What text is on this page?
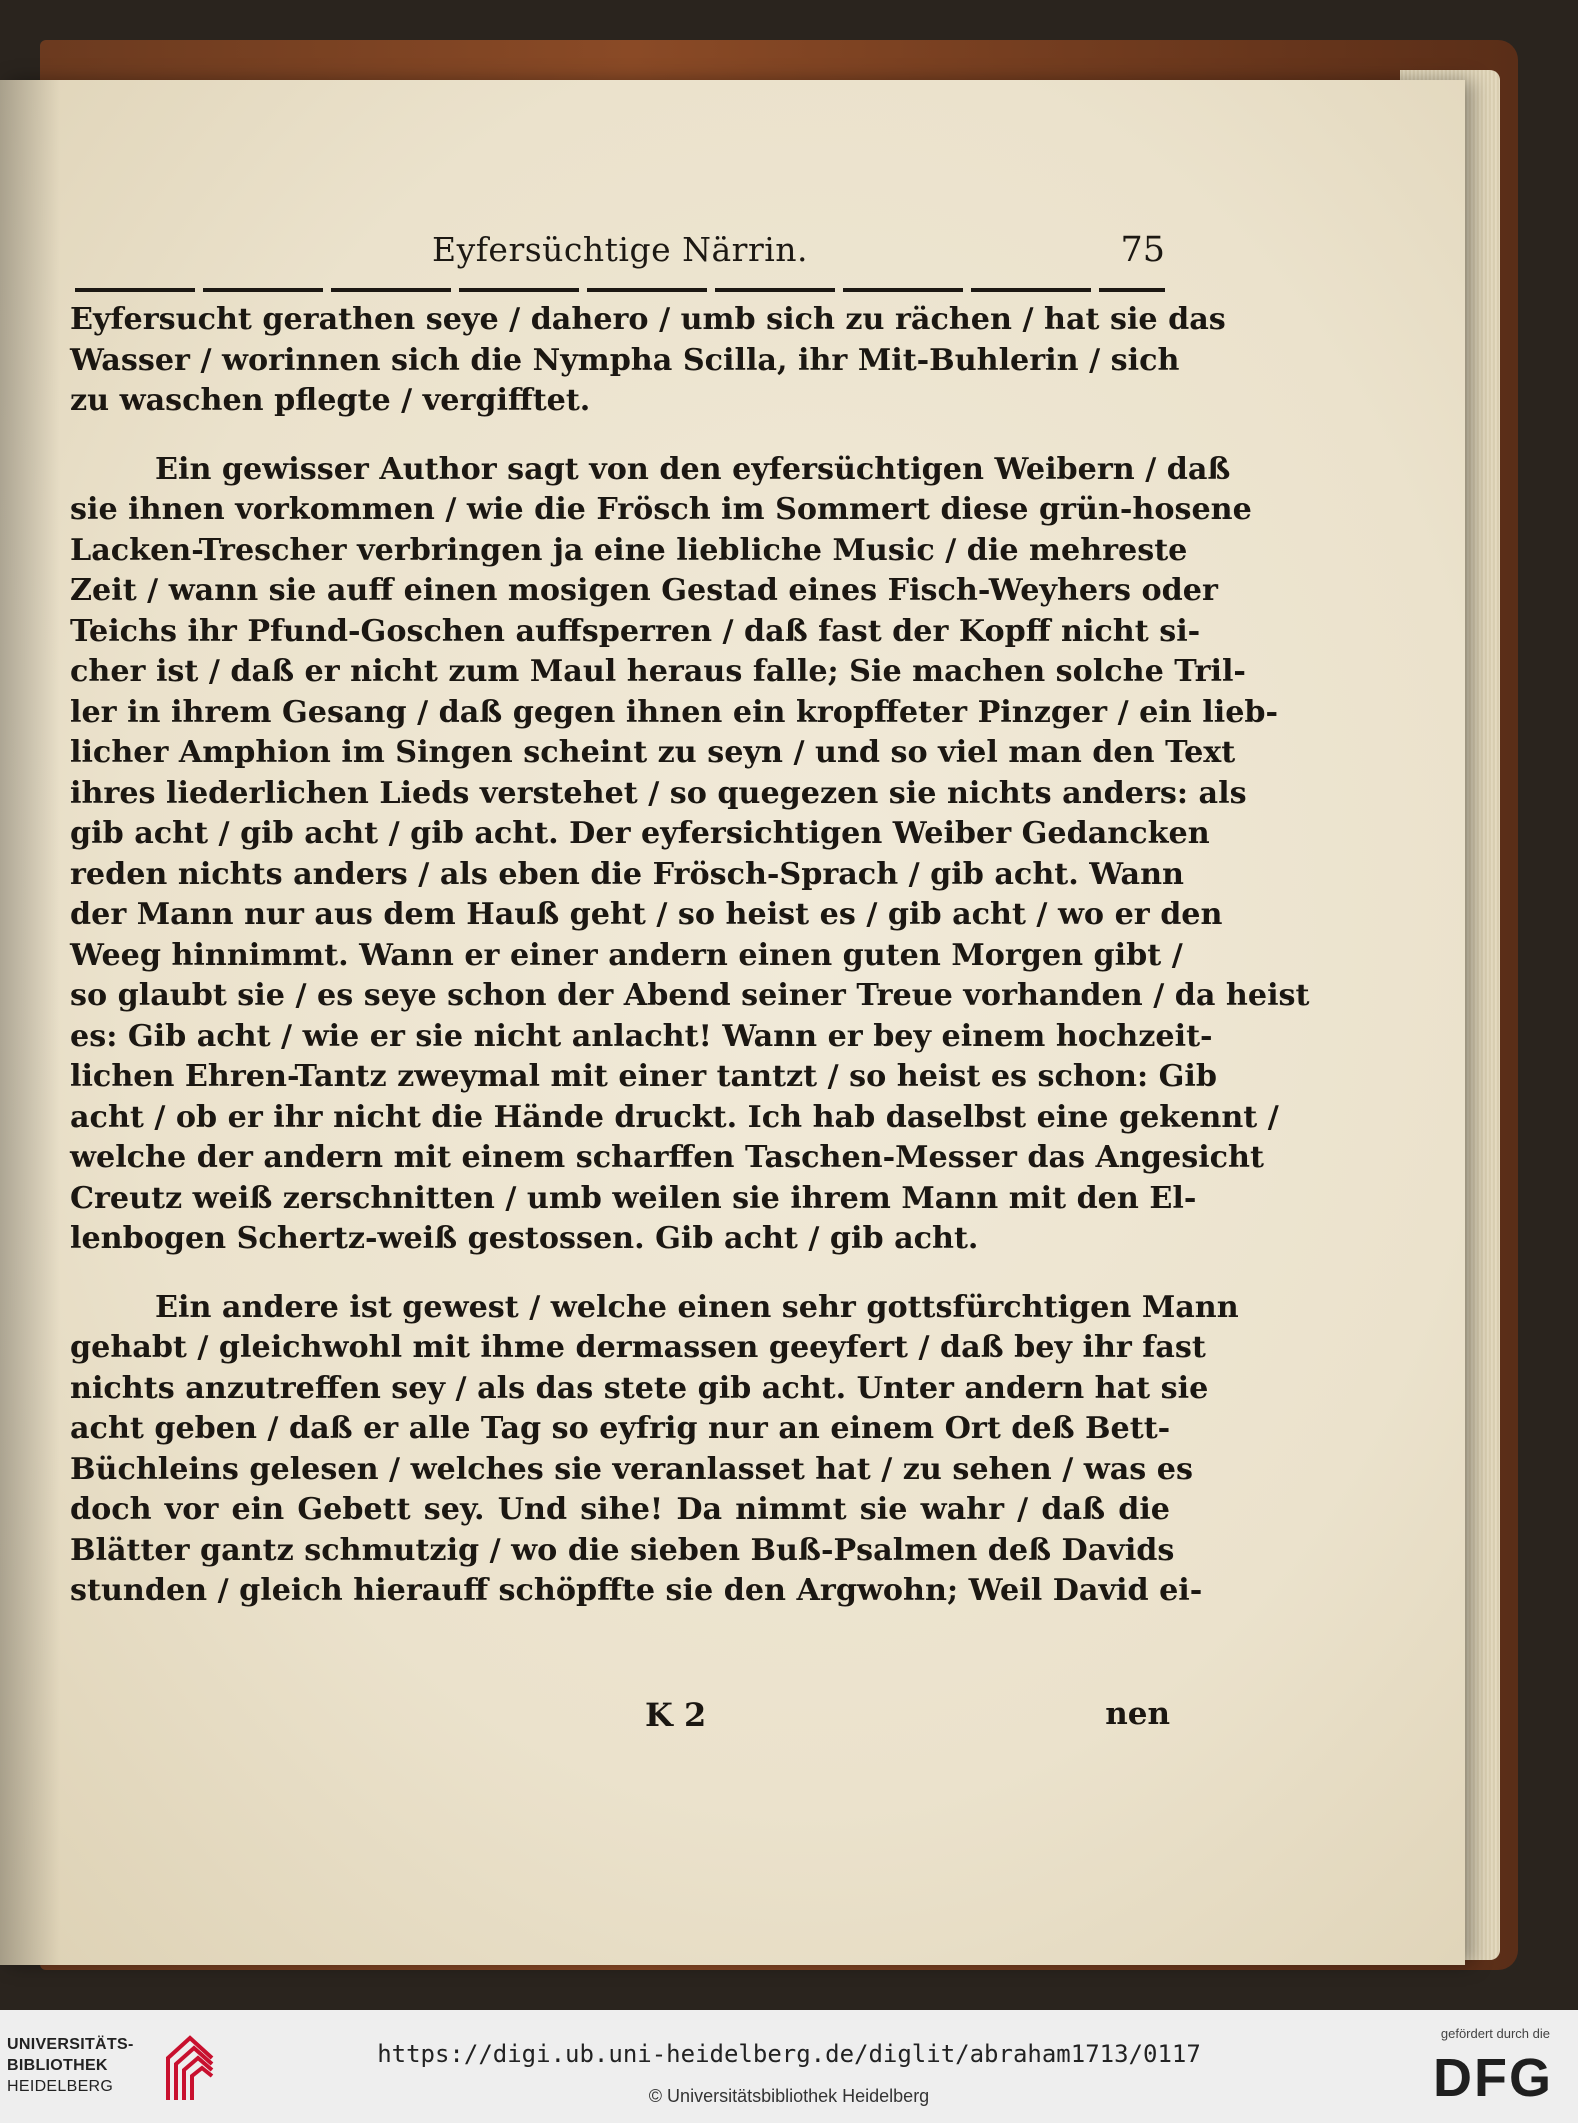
Eyfersüchtige Närrin.	75
Eyfersucht gerathen seye / dahero / umb sich zu rächen / hat sie das
Wasser / worinnen sich die Nympha Scilla, ihr Mit-Buhlerin / sich
zu waschen pflegte / vergifftet.
Ein gewisser Author sagt von den eyfersüchtigen Weibern / daß
sie ihnen vorkommen / wie die Frösch im Sommert diese grün-hosene
Lacken-Trescher verbringen ja eine liebliche Music / die mehreste
Zeit / wann sie auff einen mosigen Gestad eines Fisch-Weyhers oder
Teichs ihr Pfund-Goschen auffsperren / daß fast der Kopff nicht si-
cher ist / daß er nicht zum Maul heraus falle; Sie machen solche Tril-
ler in ihrem Gesang / daß gegen ihnen ein kropffeter Pinzger / ein lieb-
licher Amphion im Singen scheint zu seyn / und so viel man den Text
ihres liederlichen Lieds verstehet / so quegezen sie nichts anders: als
gib acht / gib acht / gib acht. Der eyfersichtigen Weiber Gedancken
reden nichts anders / als eben die Frösch-Sprach / gib acht. Wann
der Mann nur aus dem Hauß geht / so heist es / gib acht / wo er den
Weeg hinnimmt. Wann er einer andern einen guten Morgen gibt /
so glaubt sie / es seye schon der Abend seiner Treue vorhanden / da heist
es: Gib acht / wie er sie nicht anlacht! Wann er bey einem hochzeit-
lichen Ehren-Tantz zweymal mit einer tantzt / so heist es schon: Gib
acht / ob er ihr nicht die Hände druckt. Ich hab daselbst eine gekennt /
welche der andern mit einem scharffen Taschen-Messer das Angesicht
Creutz weiß zerschnitten / umb weilen sie ihrem Mann mit den El-
lenbogen Schertz-weiß gestossen. Gib acht / gib acht.
Ein andere ist gewest / welche einen sehr gottsfürchtigen Mann
gehabt / gleichwohl mit ihme dermassen geeyfert / daß bey ihr fast
nichts anzutreffen sey / als das stete gib acht. Unter andern hat sie
acht geben / daß er alle Tag so eyfrig nur an einem Ort deß Bett-
Büchleins gelesen / welches sie veranlasset hat / zu sehen / was es
doch vor ein Gebett sey. Und sihe! Da nimmt sie wahr / daß die
Blätter gantz schmutzig / wo die sieben Buß-Psalmen deß Davids
stunden / gleich hierauff schöpffte sie den Argwohn; Weil David ei-
K 2	nen
UNIVERSITÄTS-
BIBLIOTHEK
HEIDELBERG
https://digi.ub.uni-heidelberg.de/diglit/abraham1713/0117
© Universitätsbibliothek Heidelberg
gefördert durch die
DFG
